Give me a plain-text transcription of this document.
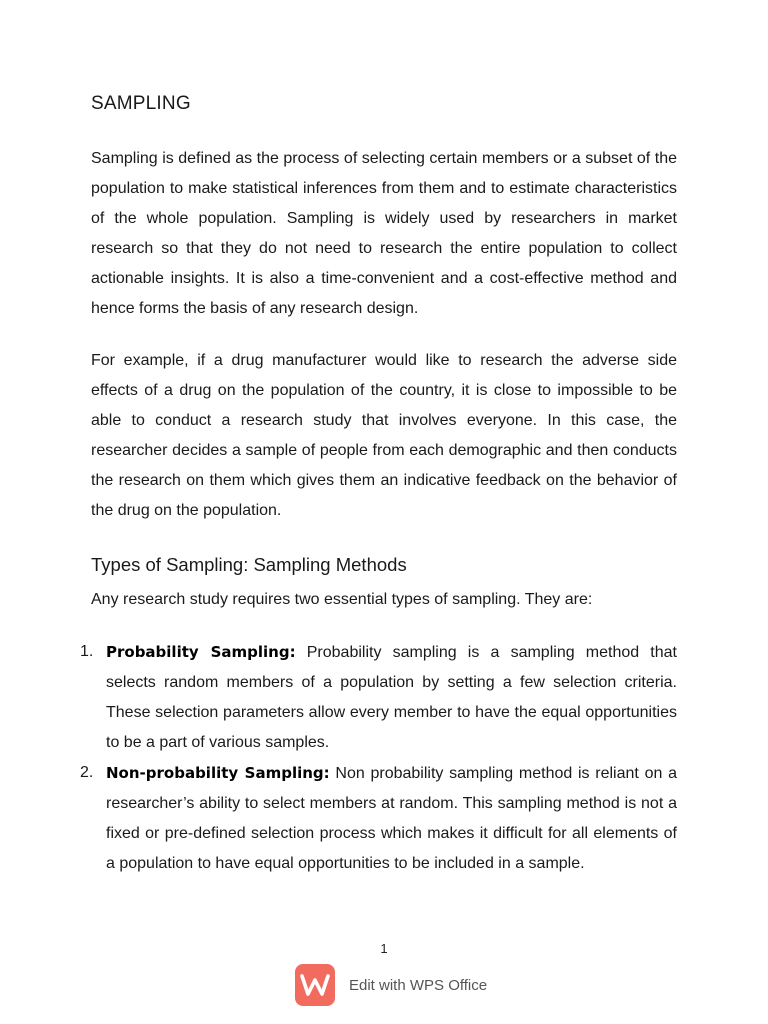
SAMPLING

Sampling is defined as the process of selecting certain members or a subset of the population to make statistical inferences from them and to estimate characteristics of the whole population. Sampling is widely used by researchers in market research so that they do not need to research the entire population to collect actionable insights. It is also a time-convenient and a cost-effective method and hence forms the basis of any research design.

For example, if a drug manufacturer would like to research the adverse side effects of a drug on the population of the country, it is close to impossible to be able to conduct a research study that involves everyone. In this case, the researcher decides a sample of people from each demographic and then conducts the research on them which gives them an indicative feedback on the behavior of the drug on the population.

Types of Sampling: Sampling Methods

Any research study requires two essential types of sampling. They are:

1. Probability Sampling: Probability sampling is a sampling method that selects random members of a population by setting a few selection criteria. These selection parameters allow every member to have the equal opportunities to be a part of various samples.
2. Non-probability Sampling: Non probability sampling method is reliant on a researcher’s ability to select members at random. This sampling method is not a fixed or pre-defined selection process which makes it difficult for all elements of a population to have equal opportunities to be included in a sample.
1
Edit with WPS Office
